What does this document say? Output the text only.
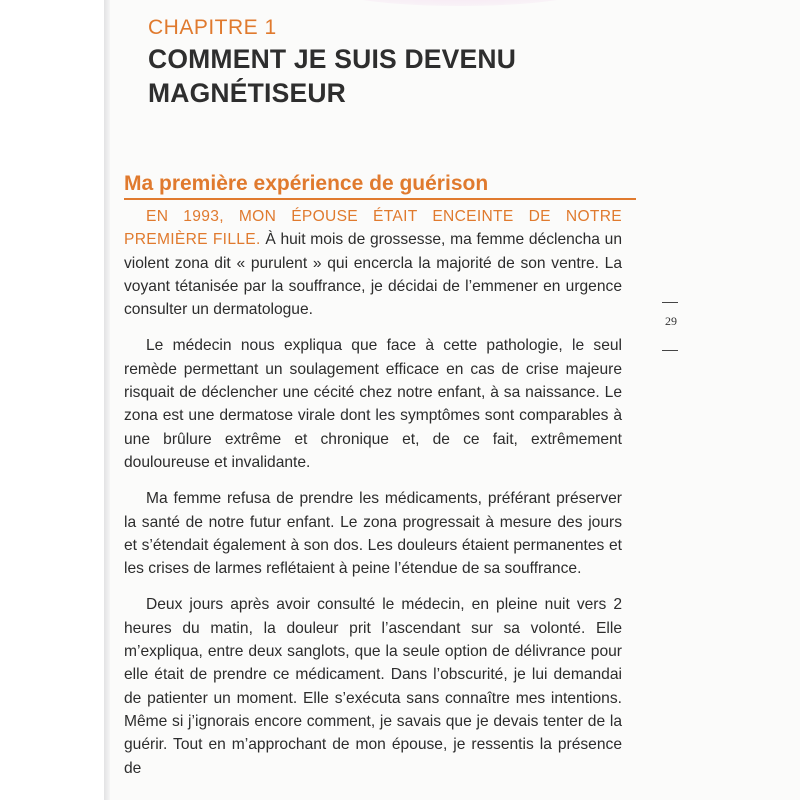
CHAPITRE 1
COMMENT JE SUIS DEVENU
MAGNÉTISEUR
Ma première expérience de guérison

EN 1993, MON ÉPOUSE ÉTAIT ENCEINTE DE NOTRE PREMIÈRE FILLE. À huit mois de grossesse, ma femme déclencha un violent zona dit « purulent » qui encercla la majorité de son ventre. La voyant tétanisée par la souffrance, je décidai de l’emmener en urgence consulter un dermatologue.

Le médecin nous expliqua que face à cette pathologie, le seul remède permettant un soulagement efficace en cas de crise majeure risquait de déclencher une cécité chez notre enfant, à sa naissance. Le zona est une dermatose virale dont les symptômes sont comparables à une brûlure extrême et chronique et, de ce fait, extrêmement douloureuse et invalidante.

Ma femme refusa de prendre les médicaments, préférant préserver la santé de notre futur enfant. Le zona progressait à mesure des jours et s’étendait également à son dos. Les douleurs étaient permanentes et les crises de larmes reflétaient à peine l’étendue de sa souffrance.

Deux jours après avoir consulté le médecin, en pleine nuit vers 2 heures du matin, la douleur prit l’ascendant sur sa volonté. Elle m’expliqua, entre deux sanglots, que la seule option de délivrance pour elle était de prendre ce médicament. Dans l’obscurité, je lui demandai de patienter un moment. Elle s’exécuta sans connaître mes intentions. Même si j’ignorais encore comment, je savais que je devais tenter de la guérir. Tout en m’approchant de mon épouse, je ressentis la présence de

29
